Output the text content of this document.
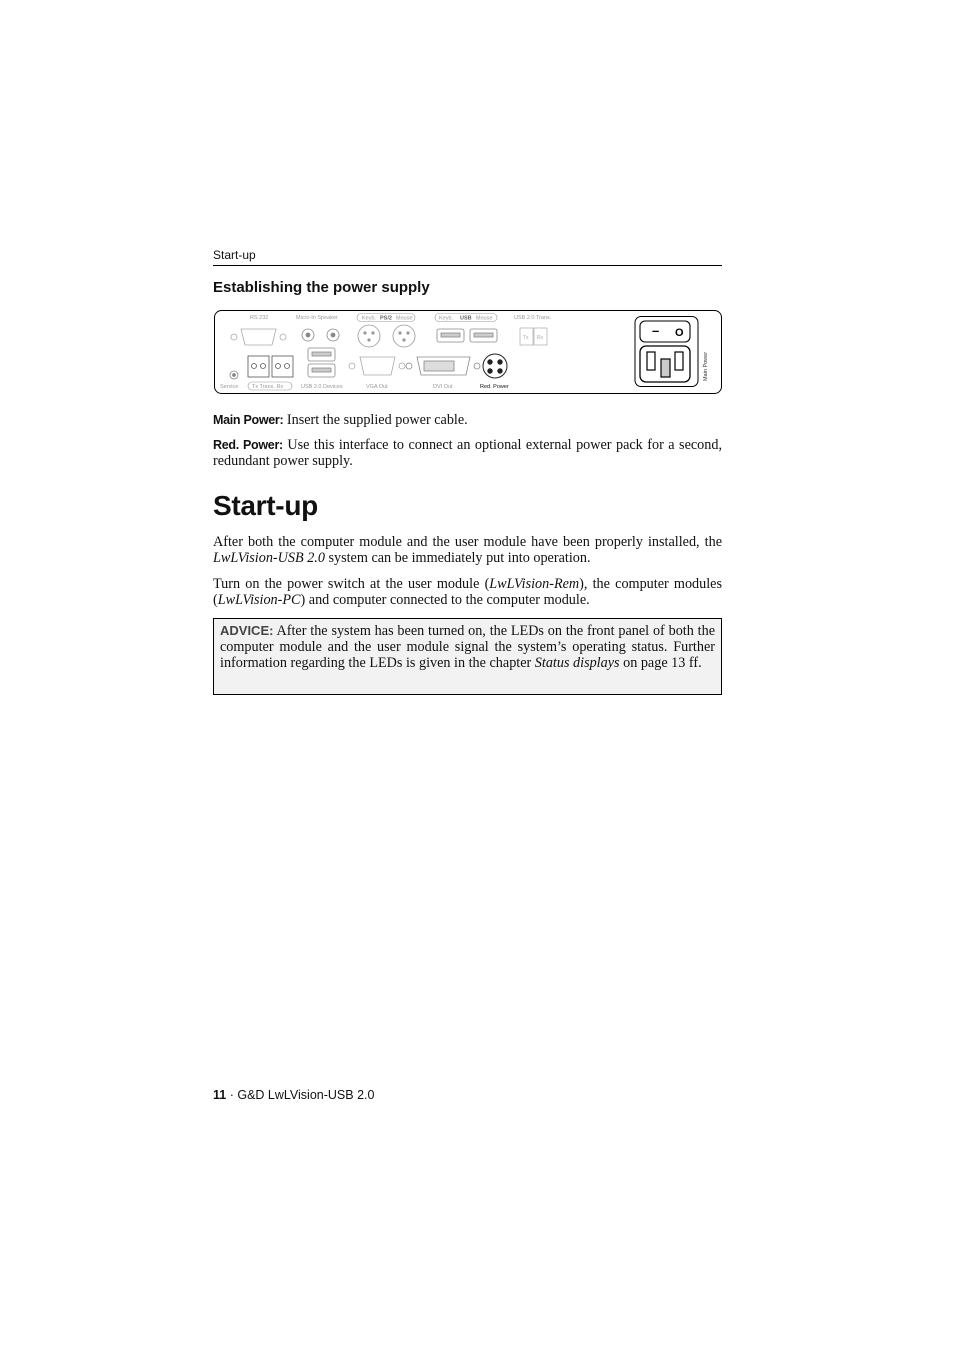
Start-up
Establishing the power supply
RS 232	Micro-In Speaker	Keyb. PS/2 Mouse	Keyb. USB Mouse	USB 2.0 Trans.
Tx Rx
Service Tx Trans. Rx	USB 2.0 Devices	VGA Out	DVI Out	Red. Power
– O
Main Power
Main Power: Insert the supplied power cable.
Red. Power: Use this interface to connect an optional external power pack for a second, redundant power supply.
Start-up
After both the computer module and the user module have been properly installed, the LwLVision-USB 2.0 system can be immediately put into operation.
Turn on the power switch at the user module (LwLVision-Rem), the computer modules (LwLVision-PC) and computer connected to the computer module.
ADVICE: After the system has been turned on, the LEDs on the front panel of both the computer module and the user module signal the system’s operating status. Further information regarding the LEDs is given in the chapter Status displays on page 13 ff.
11 · G&D LwLVision-USB 2.0
